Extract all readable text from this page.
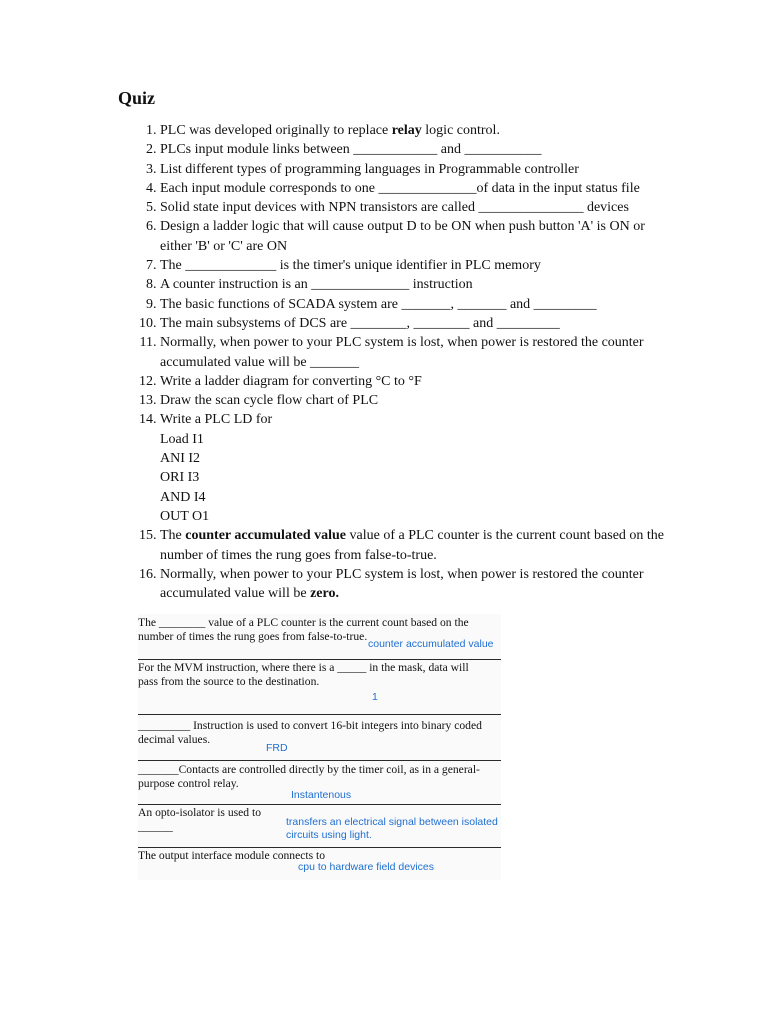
Quiz
1. PLC was developed originally to replace relay logic control.
2. PLCs input module links between ____________ and ___________
3. List different types of programming languages in Programmable controller
4. Each input module corresponds to one ______________of data in the input status file
5. Solid state input devices with NPN transistors are called _______________ devices
6. Design a ladder logic that will cause output D to be ON when push button 'A' is ON or either 'B' or 'C' are ON
7. The _____________ is the timer's unique identifier in PLC memory
8. A counter instruction is an ______________ instruction
9. The basic functions of SCADA system are _______, _______ and _________
10. The main subsystems of DCS are ________, ________ and _________
11. Normally, when power to your PLC system is lost, when power is restored the counter accumulated value will be _______
12. Write a ladder diagram for converting °C to °F
13. Draw the scan cycle flow chart of PLC
14. Write a PLC LD for
Load I1
ANI I2
ORI I3
AND I4
OUT O1
15. The counter accumulated value value of a PLC counter is the current count based on the number of times the rung goes from false-to-true.
16. Normally, when power to your PLC system is lost, when power is restored the counter accumulated value will be zero.
The ________ value of a PLC counter is the current count based on the
number of times the rung goes from false-to-true.
counter accumulated value
For the MVM instruction, where there is a _____ in the mask, data will
pass from the source to the destination.
1
_________ Instruction is used to convert 16-bit integers into binary coded
decimal values.
FRD
_______Contacts are controlled directly by the timer coil, as in a general-
purpose control relay.
Instantenous
An opto-isolator is used to
______	transfers an electrical signal between isolated
circuits using light.
The output interface module connects to
cpu to hardware field devices
